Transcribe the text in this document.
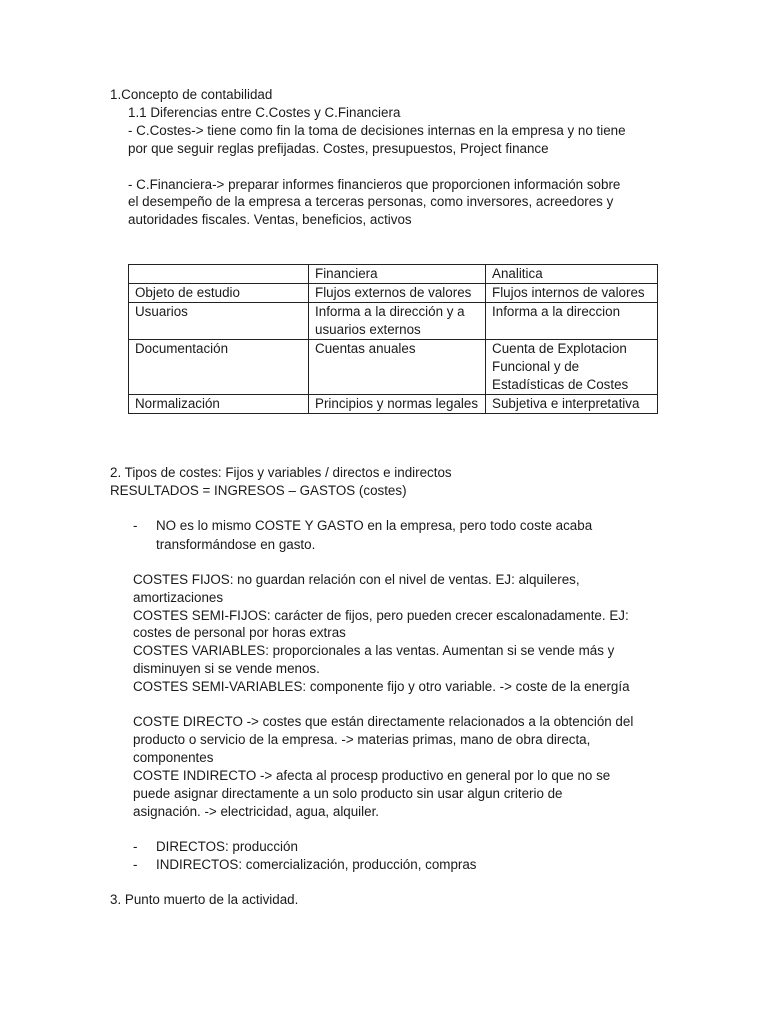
1.Concepto de contabilidad
1.1 Diferencias entre C.Costes y C.Financiera
- C.Costes-> tiene como fin la toma de decisiones internas en la empresa y no tiene
por que seguir reglas prefijadas. Costes, presupuestos, Project finance
- C.Financiera-> preparar informes financieros que proporcionen información sobre
el desempeño de la empresa a terceras personas, como inversores, acreedores y
autoridades fiscales. Ventas, beneficios, activos
	Financiera	Analitica
Objeto de estudio	Flujos externos de valores	Flujos internos de valores
Usuarios	Informa a la dirección y a usuarios externos	Informa a la direccion
Documentación	Cuentas anuales	Cuenta de Explotacion Funcional y de Estadísticas de Costes
Normalización	Principios y normas legales	Subjetiva e interpretativa
2. Tipos de costes: Fijos y variables / directos e indirectos
RESULTADOS = INGRESOS – GASTOS (costes)
- NO es lo mismo COSTE Y GASTO en la empresa, pero todo coste acaba
transformándose en gasto.
COSTES FIJOS: no guardan relación con el nivel de ventas. EJ: alquileres,
amortizaciones
COSTES SEMI-FIJOS: carácter de fijos, pero pueden crecer escalonadamente. EJ:
costes de personal por horas extras
COSTES VARIABLES: proporcionales a las ventas. Aumentan si se vende más y
disminuyen si se vende menos.
COSTES SEMI-VARIABLES: componente fijo y otro variable. -> coste de la energía
COSTE DIRECTO -> costes que están directamente relacionados a la obtención del
producto o servicio de la empresa. -> materias primas, mano de obra directa,
componentes
COSTE INDIRECTO -> afecta al procesp productivo en general por lo que no se
puede asignar directamente a un solo producto sin usar algun criterio de
asignación. -> electricidad, agua, alquiler.
- DIRECTOS: producción
- INDIRECTOS: comercialización, producción, compras
3. Punto muerto de la actividad.
